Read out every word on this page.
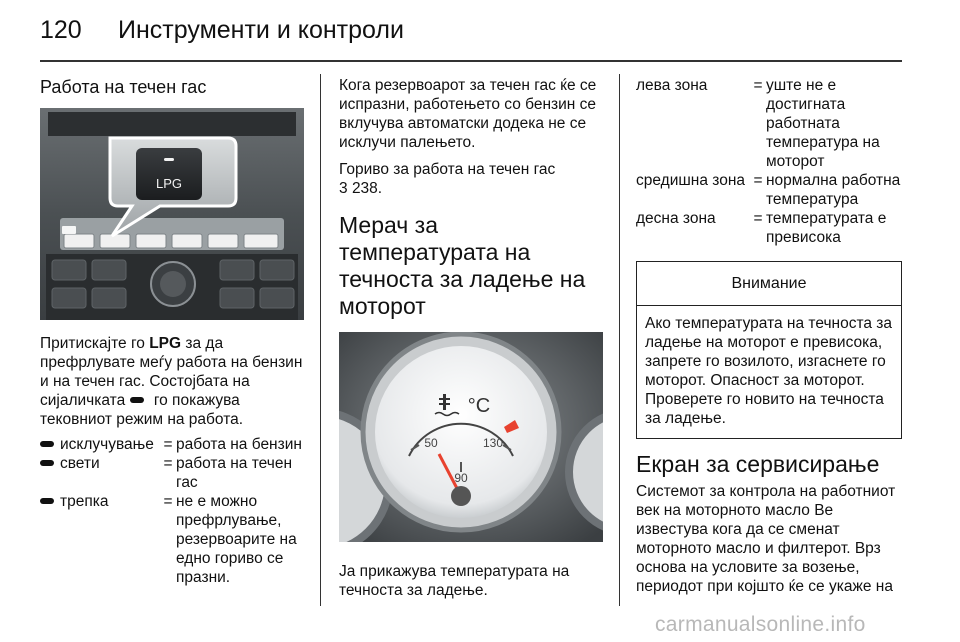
120 Инструменти и контроли
Работа на течен гас
LPG

Притискајте го LPG за да префрлувате меѓу работа на бензин и на течен гас. Состојбата на сијаличката  го покажува тековниот режим на работа.

исклучување = работа на бензин
свети	= работа на течен гас
трепка	= не е можно префрлување, резервоарите на едно гориво се празни.

Кога резервоарот за течен гас ќе се испразни, работењето со бензин се вклучува автоматски додека не се исклучи палењето.

Гориво за работа на течен гас
3 238.

Мерач за температурата на течноста за ладење на моторот
°C
50
90
130

Ја прикажува температурата на течноста за ладење.

лева зона	= уште не е достигната работната температура на моторот
средишна зона = нормална работна температура
десна зона	= температурата е превисока
Внимание
Ако температурата на течноста за ладење на моторот е превисока, запрете го возилото, изгаснете го моторот. Опасност за моторот. Проверете го новито на течноста за ладење.
Екран за сервисирање

Системот за контрола на работниот век на моторното масло Ве известува кога да се сменат моторното масло и филтерот. Врз основа на условите за возење, периодот при којшто ќе се укаже на

carmanualsonline.info
